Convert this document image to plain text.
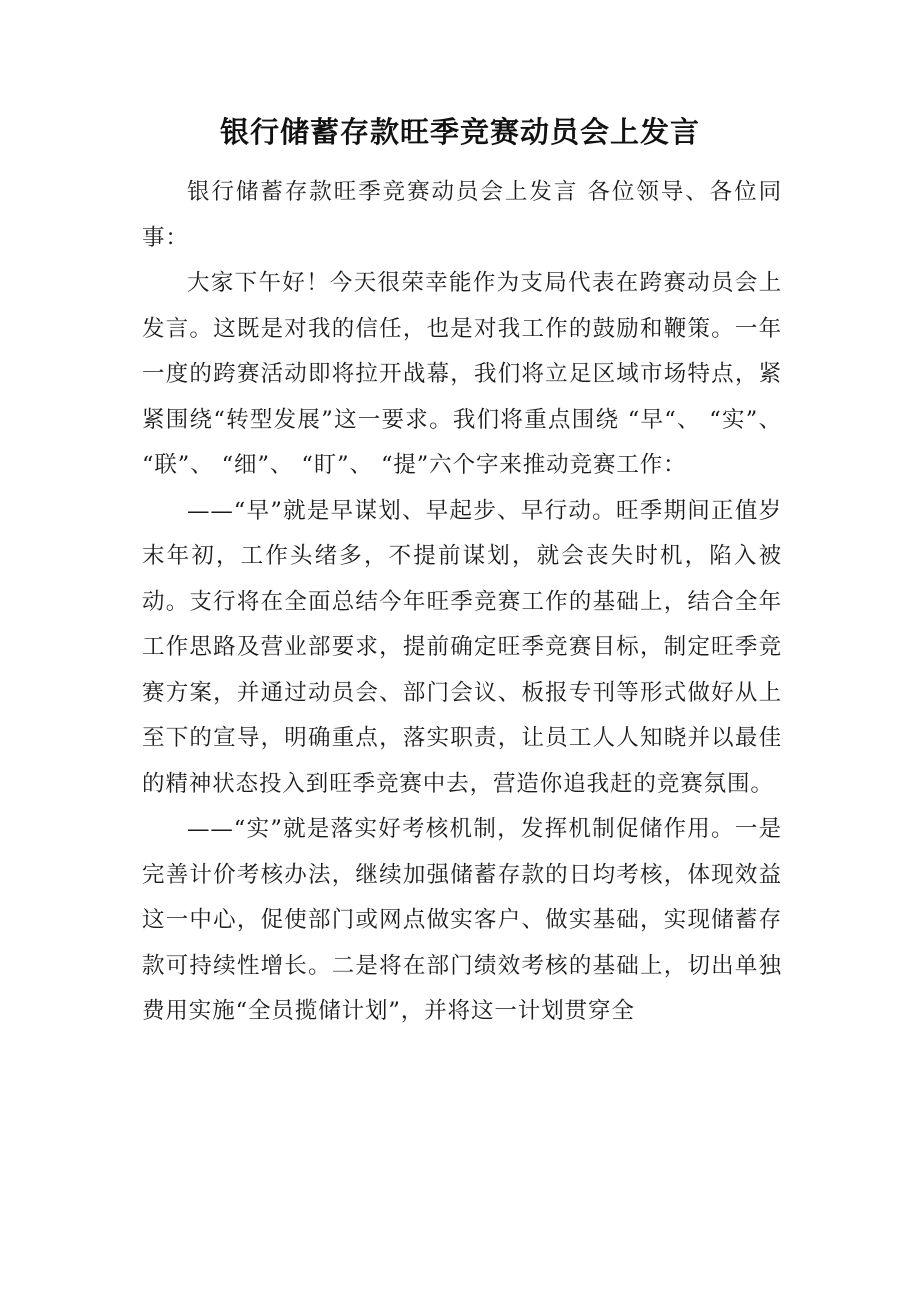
银行储蓄存款旺季竞赛动员会上发言

银行储蓄存款旺季竞赛动员会上发言 各位领导、各位同事：

大家下午好！今天很荣幸能作为支局代表在跨赛动员会上发言。这既是对我的信任，也是对我工作的鼓励和鞭策。一年一度的跨赛活动即将拉开战幕，我们将立足区域市场特点，紧紧围绕“转型发展”这一要求。我们将重点围绕 “早“、 “实”、 “联”、 “细”、 “盯”、 “提”六个字来推动竞赛工作：

——“早”就是早谋划、早起步、早行动。旺季期间正值岁末年初，工作头绪多，不提前谋划，就会丧失时机，陷入被动。支行将在全面总结今年旺季竞赛工作的基础上，结合全年工作思路及营业部要求，提前确定旺季竞赛目标，制定旺季竞赛方案，并通过动员会、部门会议、板报专刊等形式做好从上至下的宣导，明确重点，落实职责，让员工人人知晓并以最佳的精神状态投入到旺季竞赛中去，营造你追我赶的竞赛氛围。

——“实”就是落实好考核机制，发挥机制促储作用。一是完善计价考核办法，继续加强储蓄存款的日均考核，体现效益这一中心，促使部门或网点做实客户、做实基础，实现储蓄存款可持续性增长。二是将在部门绩效考核的基础上，切出单独费用实施“全员揽储计划”，并将这一计划贯穿全
